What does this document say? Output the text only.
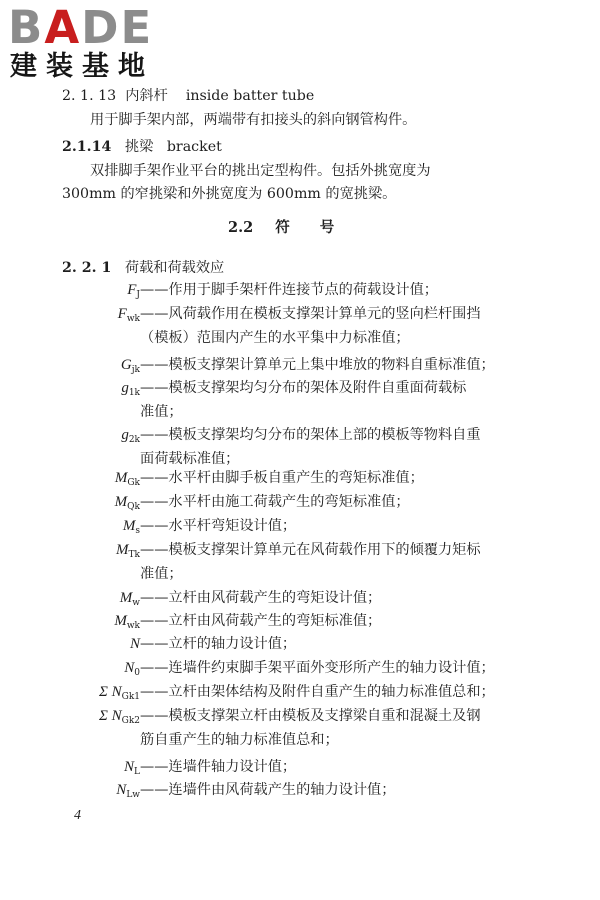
BADE
建装基地
2. 1. 13 内斜杆 inside batter tube
用于脚手架内部，两端带有扣接头的斜向钢管构件。
2.1.14 挑梁 bracket
双排脚手架作业平台的挑出定型构件。包括外挑宽度为
300mm 的窄挑梁和外挑宽度为 600mm 的宽挑梁。
2.2 符 号
2. 2. 1 荷载和荷载效应
$F_J$ ——作用于脚手架杆件连接节点的荷载设计值；
$F_{wk}$ ——风荷载作用在模板支撑架计算单元的竖向栏杆围挡
（模板）范围内产生的水平集中力标准值；
$G_{jk}$ ——模板支撑架计算单元上集中堆放的物料自重标准值；
$g_{1k}$ ——模板支撑架均匀分布的架体及附件自重面荷载标
准值；
$g_{2k}$ ——模板支撑架均匀分布的架体上部的模板等物料自重
面荷载标准值；
$M_{Gk}$ ——水平杆由脚手板自重产生的弯矩标准值；
$M_{Qk}$ ——水平杆由施工荷载产生的弯矩标准值；
$M_s$ ——水平杆弯矩设计值；
$M_{Tk}$ ——模板支撑架计算单元在风荷载作用下的倾覆力矩标
准值；
$M_w$ ——立杆由风荷载产生的弯矩设计值；
$M_{wk}$ ——立杆由风荷载产生的弯矩标准值；
N ——立杆的轴力设计值；
$N_0$ ——连墙件约束脚手架平面外变形所产生的轴力设计值；
Σ $N_{Gk1}$ ——立杆由架体结构及附件自重产生的轴力标准值总和；
Σ $N_{Gk2}$ ——模板支撑架立杆由模板及支撑梁自重和混凝土及钢
筋自重产生的轴力标准值总和；
$N_L$ ——连墙件轴力设计值；
$N_{Lw}$ ——连墙件由风荷载产生的轴力设计值；
4
